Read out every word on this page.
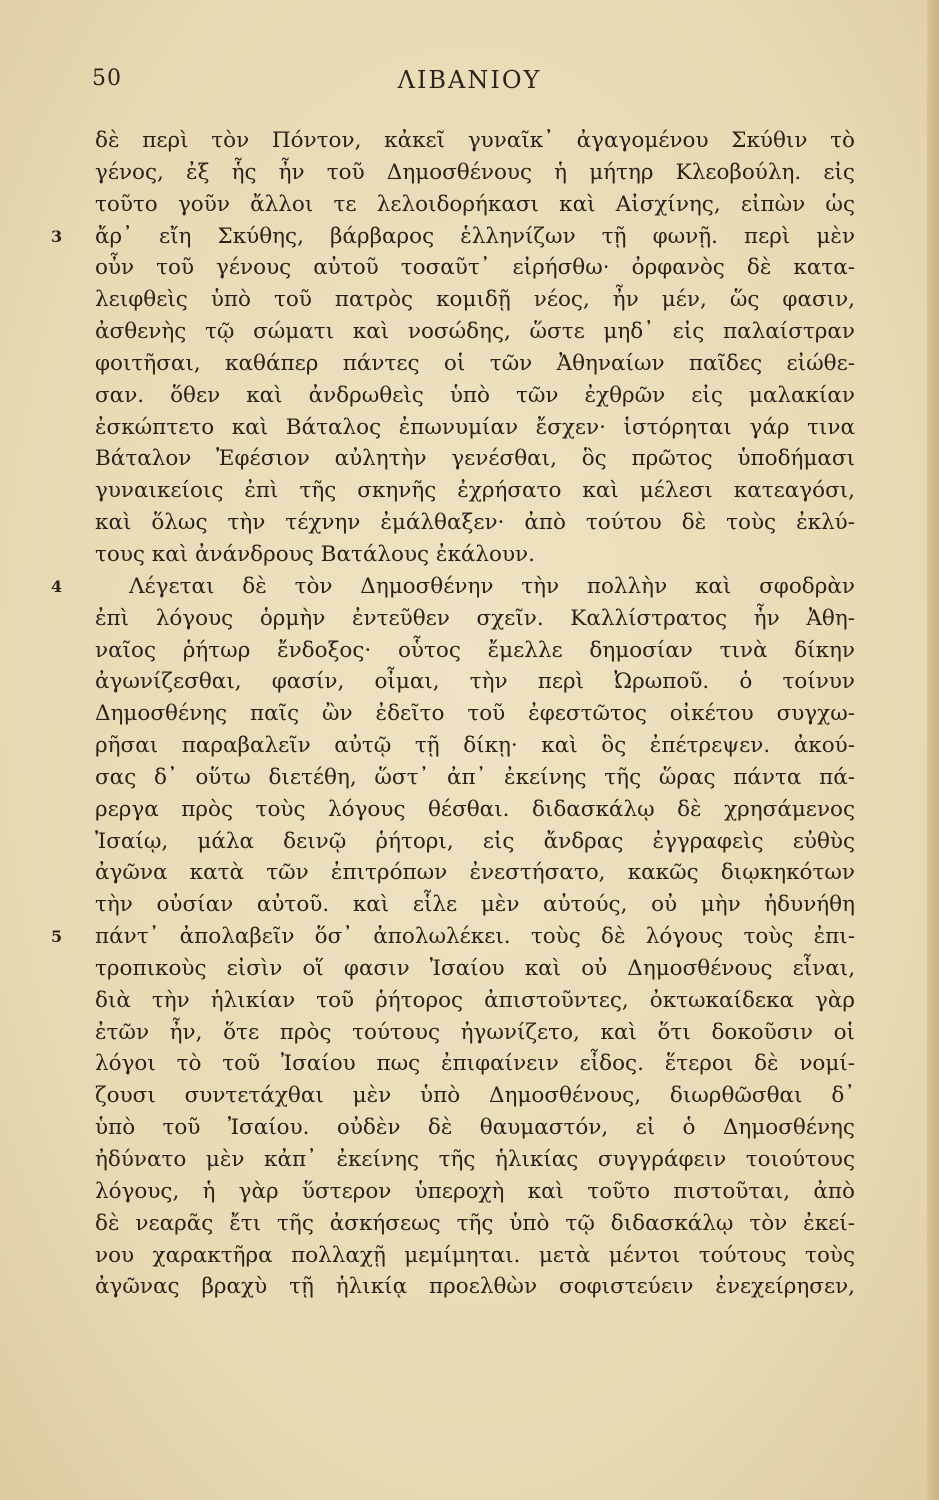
50	ΛΙΒΑΝΙΟΥ
δὲ περὶ τὸν Πόντον, κἀκεῖ γυναῖκ᾽ ἀγαγομένου Σκύθιν τὸ
γένος, ἐξ ἧς ἦν τοῦ Δημοσθένους ἡ μήτηρ Κλεοβούλη. εἰς
τοῦτο γοῦν ἄλλοι τε λελοιδορήκασι καὶ Αἰσχίνης, εἰπὼν ὡς
3 ἄρ᾽ εἴη Σκύθης, βάρβαρος ἑλληνίζων τῇ φωνῇ. περὶ μὲν
οὖν τοῦ γένους αὐτοῦ τοσαῦτ᾽ εἰρήσθω· ὀρφανὸς δὲ κατα-
λειφθεὶς ὑπὸ τοῦ πατρὸς κομιδῇ νέος, ἦν μέν, ὥς φασιν,
ἀσθενὴς τῷ σώματι καὶ νοσώδης, ὥστε μηδ᾽ εἰς παλαίστραν
φοιτῆσαι, καθάπερ πάντες οἱ τῶν Ἀθηναίων παῖδες εἰώθε-
σαν. ὅθεν καὶ ἀνδρωθεὶς ὑπὸ τῶν ἐχθρῶν εἰς μαλακίαν
ἐσκώπτετο καὶ Βάταλος ἐπωνυμίαν ἔσχεν· ἱστόρηται γάρ τινα
Βάταλον Ἐφέσιον αὐλητὴν γενέσθαι, ὃς πρῶτος ὑποδήμασι
γυναικείοις ἐπὶ τῆς σκηνῆς ἐχρήσατο καὶ μέλεσι κατεαγόσι,
καὶ ὅλως τὴν τέχνην ἐμάλθαξεν· ἀπὸ τούτου δὲ τοὺς ἐκλύ-
τους καὶ ἀνάνδρους Βατάλους ἐκάλουν.
4	Λέγεται δὲ τὸν Δημοσθένην τὴν πολλὴν καὶ σφοδρὰν
ἐπὶ λόγους ὁρμὴν ἐντεῦθεν σχεῖν. Καλλίστρατος ἦν Ἀθη-
ναῖος ῥήτωρ ἔνδοξος· οὗτος ἔμελλε δημοσίαν τινὰ δίκην
ἀγωνίζεσθαι, φασίν, οἶμαι, τὴν περὶ Ὠρωποῦ. ὁ τοίνυν
Δημοσθένης παῖς ὢν ἐδεῖτο τοῦ ἐφεστῶτος οἰκέτου συγχω-
ρῆσαι παραβαλεῖν αὐτῷ τῇ δίκῃ· καὶ ὃς ἐπέτρεψεν. ἀκού-
σας δ᾽ οὕτω διετέθη, ὥστ᾽ ἀπ᾽ ἐκείνης τῆς ὥρας πάντα πά-
ρεργα πρὸς τοὺς λόγους θέσθαι. διδασκάλῳ δὲ χρησάμενος
Ἰσαίῳ, μάλα δεινῷ ῥήτορι, εἰς ἄνδρας ἐγγραφεὶς εὐθὺς
ἀγῶνα κατὰ τῶν ἐπιτρόπων ἐνεστήσατο, κακῶς διῳκηκότων
τὴν οὐσίαν αὐτοῦ. καὶ εἷλε μὲν αὐτούς, οὐ μὴν ἠδυνήθη
5 πάντ᾽ ἀπολαβεῖν ὅσ᾽ ἀπολωλέκει. τοὺς δὲ λόγους τοὺς ἐπι-
τροπικοὺς εἰσὶν οἵ φασιν Ἰσαίου καὶ οὐ Δημοσθένους εἶναι,
διὰ τὴν ἡλικίαν τοῦ ῥήτορος ἀπιστοῦντες, ὀκτωκαίδεκα γὰρ
ἐτῶν ἦν, ὅτε πρὸς τούτους ἠγωνίζετο, καὶ ὅτι δοκοῦσιν οἱ
λόγοι τὸ τοῦ Ἰσαίου πως ἐπιφαίνειν εἶδος. ἕτεροι δὲ νομί-
ζουσι συντετάχθαι μὲν ὑπὸ Δημοσθένους, διωρθῶσθαι δ᾽
ὑπὸ τοῦ Ἰσαίου. οὐδὲν δὲ θαυμαστόν, εἰ ὁ Δημοσθένης
ἠδύνατο μὲν κἀπ᾽ ἐκείνης τῆς ἡλικίας συγγράφειν τοιούτους
λόγους, ἡ γὰρ ὕστερον ὑπεροχὴ καὶ τοῦτο πιστοῦται, ἀπὸ
δὲ νεαρᾶς ἔτι τῆς ἀσκήσεως τῆς ὑπὸ τῷ διδασκάλῳ τὸν ἐκεί-
νου χαρακτῆρα πολλαχῇ μεμίμηται. μετὰ μέντοι τούτους τοὺς
ἀγῶνας βραχὺ τῇ ἡλικίᾳ προελθὼν σοφιστεύειν ἐνεχείρησεν,
